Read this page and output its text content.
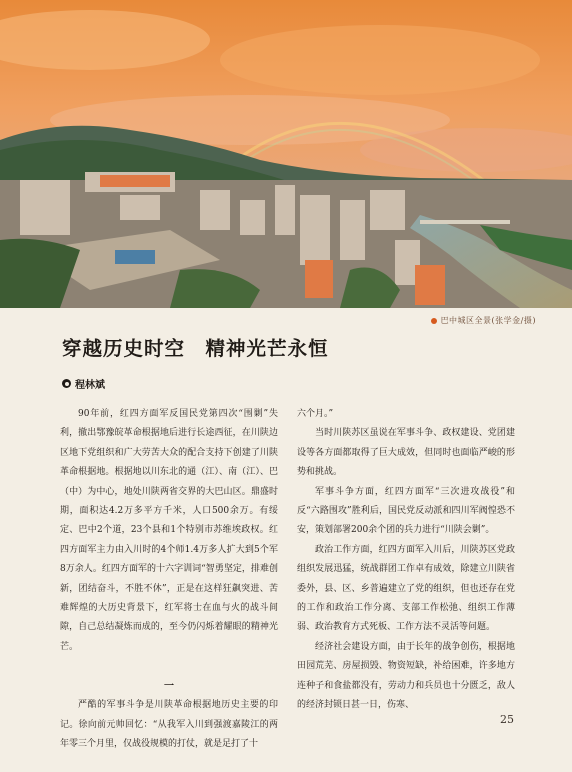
巴中城区全景(张学金/摄)
穿越历史时空　精神光芒永恒
程林斌

90年前，红四方面军反国民党第四次“围剿”失利，撤出鄂豫皖革命根据地后进行长途西征，在川陕边区地下党组织和广大劳苦大众的配合支持下创建了川陕革命根据地。根据地以川东北的通（江）、南（江）、巴（中）为中心，地处川陕两省交界的大巴山区。鼎盛时期，面积达4.2万多平方千米，人口500余万。有绥定、巴中2个道，23个县和1个特别市苏维埃政权。红四方面军主力由入川时的4个师1.4万多人扩大到5个军8万余人。红四方面军的十六字训词“智勇坚定，排难创新，团结奋斗，不胜不休”，正是在这样狂飙突进、苦难辉煌的大历史背景下，红军将士在血与火的战斗间隙，自己总结凝炼而成的，至今仍闪烁着耀眼的精神光芒。

一

严酷的军事斗争是川陕革命根据地历史主要的印记。徐向前元帅回忆：“从我军入川到强渡嘉陵江的两年零三个月里，仅战役规模的打仗，就是足打了十

六个月。”

当时川陕苏区虽说在军事斗争、政权建设、党团建设等各方面都取得了巨大成效，但同时也面临严峻的形势和挑战。

军事斗争方面，红四方面军“三次进攻战役”和反“六路围攻”胜利后，国民党反动派和四川军阀惶恐不安，策划部署200余个团的兵力进行“川陕会剿”。

政治工作方面，红四方面军入川后，川陕苏区党政组织发展迅猛，统战群团工作卓有成效，除建立川陕省委外，县、区、乡普遍建立了党的组织，但也还存在党的工作和政治工作分离、支部工作松弛、组织工作薄弱、政治教育方式死板、工作方法不灵活等问题。

经济社会建设方面，由于长年的战争创伤，根据地田园荒芜、房屋损毁、物资短缺，补给困难，许多地方连种子和食盐都没有，劳动力和兵员也十分匮乏，敌人的经济封锁日甚一日，伤寒、

25
